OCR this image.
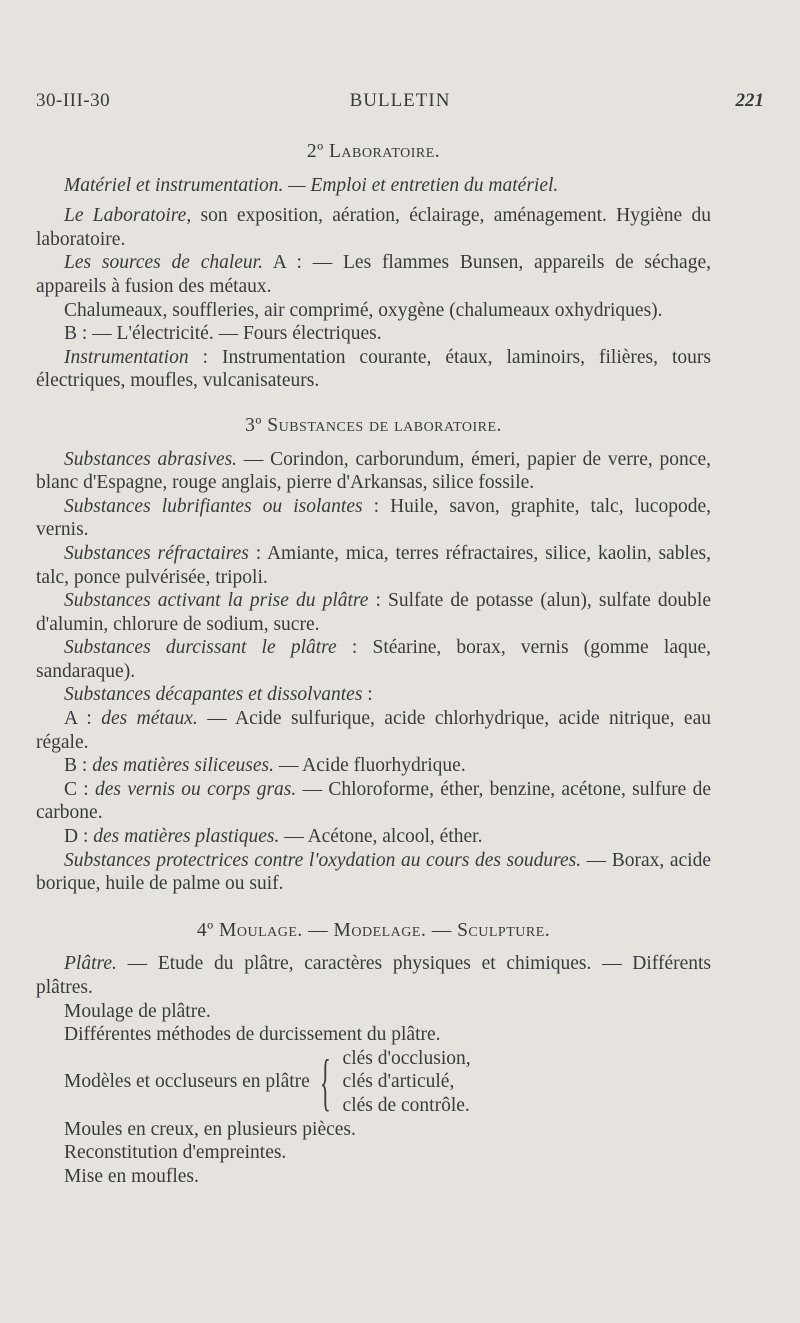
30-III-30	BULLETIN	221
2º Laboratoire.
Matériel et instrumentation. — Emploi et entretien du matériel.
Le Laboratoire, son exposition, aération, éclairage, aménagement. Hygiène du laboratoire.
Les sources de chaleur. A : — Les flammes Bunsen, appareils de séchage, appareils à fusion des métaux.
Chalumeaux, souffleries, air comprimé, oxygène (chalumeaux oxhydriques).
B : — L'électricité. — Fours électriques.
Instrumentation : Instrumentation courante, étaux, laminoirs, filières, tours électriques, moufles, vulcanisateurs.
3º Substances de laboratoire.
Substances abrasives. — Corindon, carborundum, émeri, papier de verre, ponce, blanc d'Espagne, rouge anglais, pierre d'Arkansas, silice fossile.
Substances lubrifiantes ou isolantes : Huile, savon, graphite, talc, lucopode, vernis.
Substances réfractaires : Amiante, mica, terres réfractaires, silice, kaolin, sables, talc, ponce pulvérisée, tripoli.
Substances activant la prise du plâtre : Sulfate de potasse (alun), sulfate double d'alumin, chlorure de sodium, sucre.
Substances durcissant le plâtre : Stéarine, borax, vernis (gomme laque, sandaraque).
Substances décapantes et dissolvantes :
A : des métaux. — Acide sulfurique, acide chlorhydrique, acide nitrique, eau régale.
B : des matières siliceuses. — Acide fluorhydrique.
C : des vernis ou corps gras. — Chloroforme, éther, benzine, acétone, sulfure de carbone.
D : des matières plastiques. — Acétone, alcool, éther.
Substances protectrices contre l'oxydation au cours des soudures. — Borax, acide borique, huile de palme ou suif.
4º Moulage. — Modelage. — Sculpture.
Plâtre. — Etude du plâtre, caractères physiques et chimiques. — Différents plâtres.
Moulage de plâtre.
Différentes méthodes de durcissement du plâtre.
Modèles et occluseurs en plâtre { clés d'occlusion,
clés d'articulé,
clés de contrôle.
Moules en creux, en plusieurs pièces.
Reconstitution d'empreintes.
Mise en moufles.
